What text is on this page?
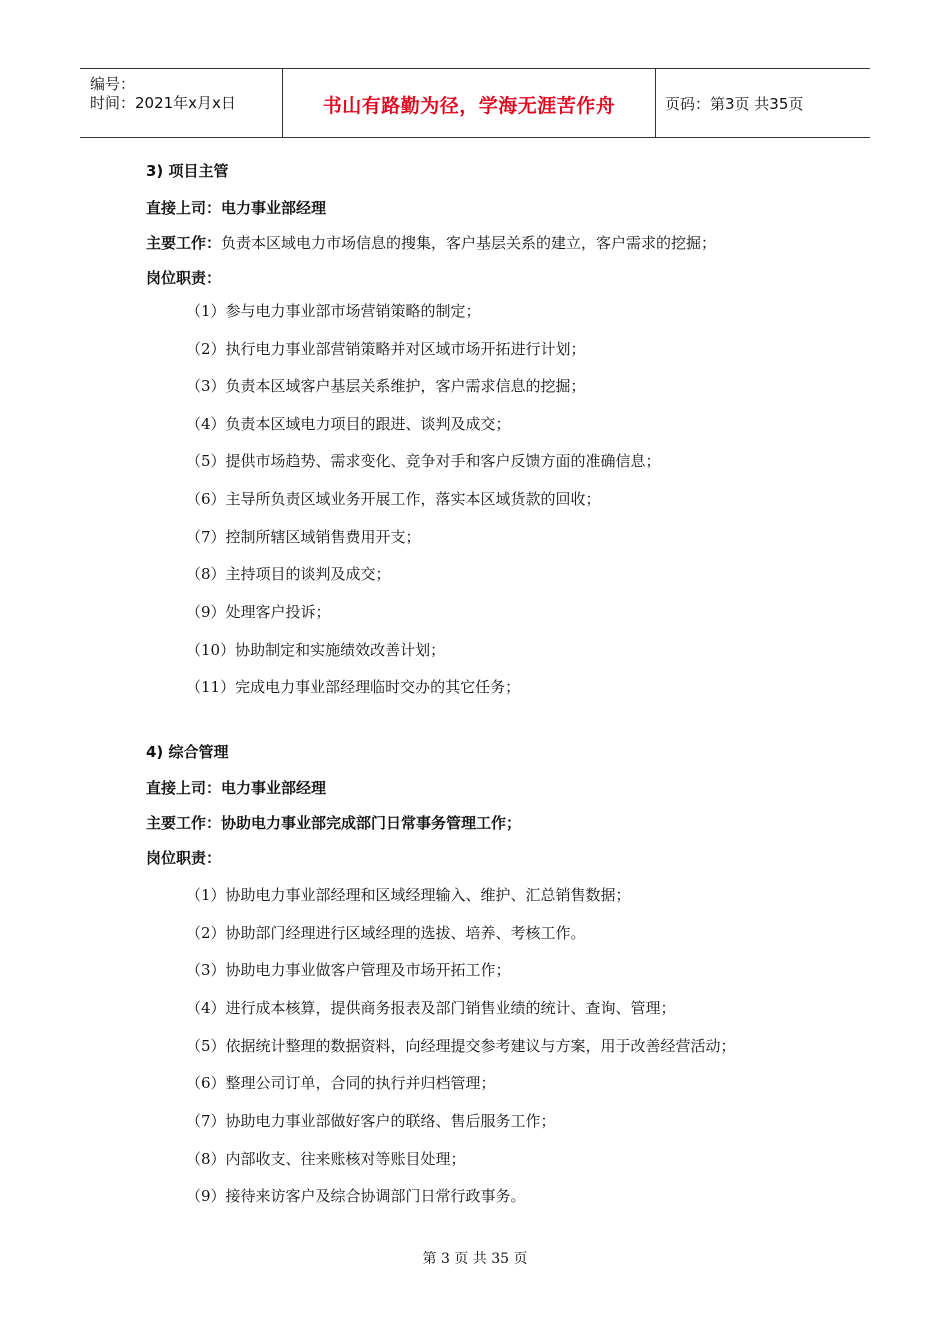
编号：
时间：2021年x月x日	书山有路勤为径，学海无涯苦作舟	页码：第3页 共35页
3) 项目主管
直接上司：电力事业部经理
主要工作：负责本区域电力市场信息的搜集，客户基层关系的建立，客户需求的挖掘；
岗位职责：
（1）参与电力事业部市场营销策略的制定；
（2）执行电力事业部营销策略并对区域市场开拓进行计划；
（3）负责本区域客户基层关系维护，客户需求信息的挖掘；
（4）负责本区域电力项目的跟进、谈判及成交；
（5）提供市场趋势、需求变化、竞争对手和客户反馈方面的准确信息；
（6）主导所负责区域业务开展工作，落实本区域货款的回收；
（7）控制所辖区域销售费用开支；
（8）主持项目的谈判及成交；
（9）处理客户投诉；
（10）协助制定和实施绩效改善计划；
（11）完成电力事业部经理临时交办的其它任务；
4) 综合管理
直接上司：电力事业部经理
主要工作：协助电力事业部完成部门日常事务管理工作；
岗位职责：
（1）协助电力事业部经理和区域经理输入、维护、汇总销售数据；
（2）协助部门经理进行区域经理的选拔、培养、考核工作。
（3）协助电力事业做客户管理及市场开拓工作；
（4）进行成本核算，提供商务报表及部门销售业绩的统计、查询、管理；
（5）依据统计整理的数据资料，向经理提交参考建议与方案，用于改善经营活动；
（6）整理公司订单，合同的执行并归档管理；
（7）协助电力事业部做好客户的联络、售后服务工作；
（8）内部收支、往来账核对等账目处理；
（9）接待来访客户及综合协调部门日常行政事务。
第 3 页 共 35 页
